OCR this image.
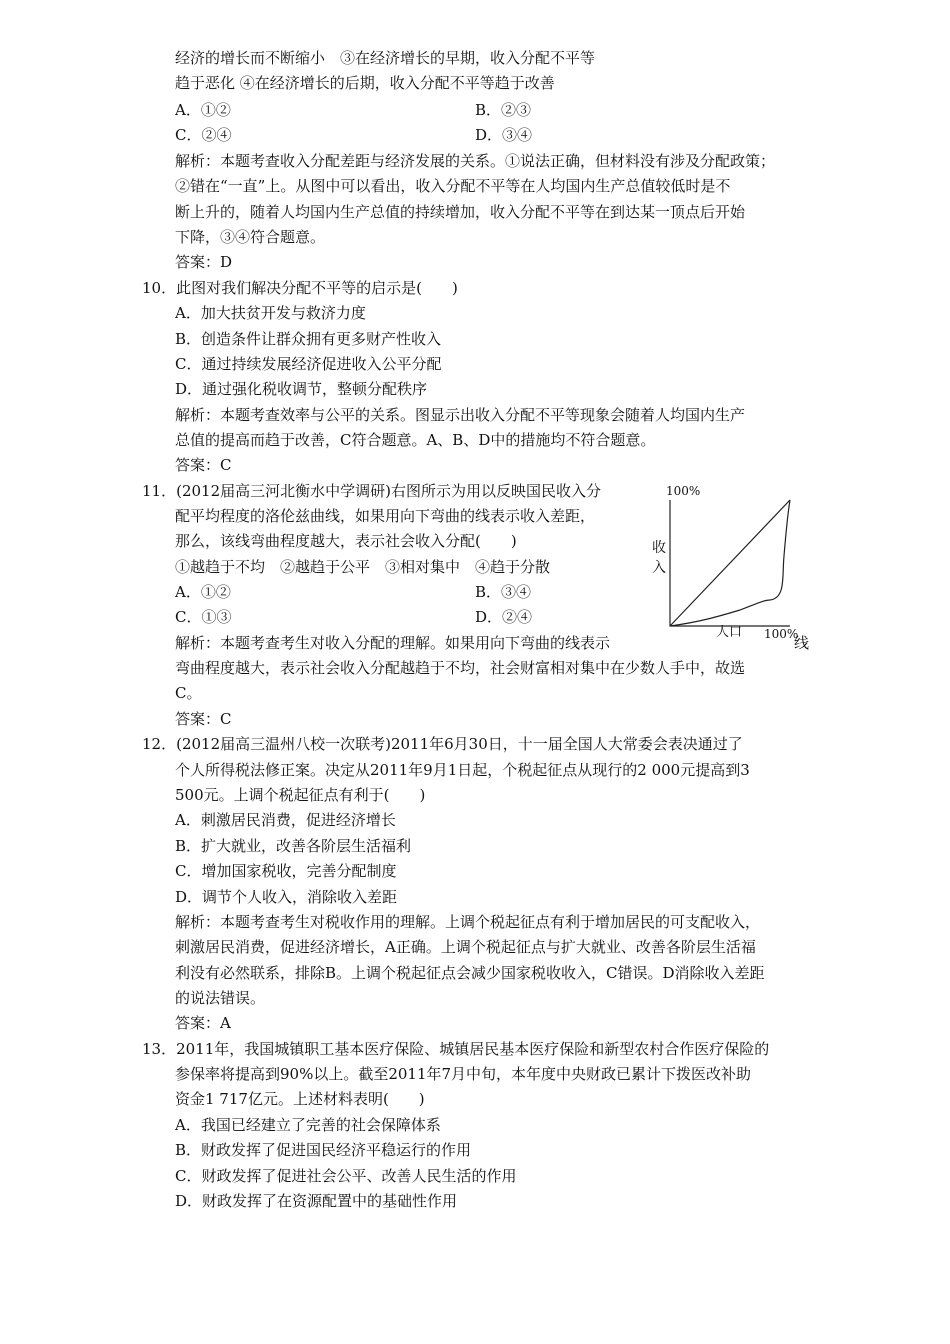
经济的增长而不断缩小　③在经济增长的早期，收入分配不平等
趋于恶化 ④在经济增长的后期，收入分配不平等趋于改善
A．①②	B．②③
C．②④	D．③④
解析：本题考查收入分配差距与经济发展的关系。①说法正确，但材料没有涉及分配政策；
②错在“一直”上。从图中可以看出，收入分配不平等在人均国内生产总值较低时是不
断上升的，随着人均国内生产总值的持续增加，收入分配不平等在到达某一顶点后开始
下降，③④符合题意。
答案：D
10．此图对我们解决分配不平等的启示是(　　)
A．加大扶贫开发与救济力度
B．创造条件让群众拥有更多财产性收入
C．通过持续发展经济促进收入公平分配
D．通过强化税收调节，整顿分配秩序
解析：本题考查效率与公平的关系。图显示出收入分配不平等现象会随着人均国内生产
总值的提高而趋于改善，C符合题意。A、B、D中的措施均不符合题意。
答案：C
11．(2012届高三河北衡水中学调研)右图所示为用以反映国民收入分
配平均程度的洛伦兹曲线，如果用向下弯曲的线表示收入差距，
那么，该线弯曲程度越大，表示社会收入分配(　　)
①越趋于不均　②越趋于公平　③相对集中　④趋于分散
A．①②	B．③④
C．①③	D．②④
解析：本题考查考生对收入分配的理解。如果用向下弯曲的线表示	线
弯曲程度越大，表示社会收入分配越趋于不均，社会财富相对集中在少数人手中，故选
C。
答案：C
100%
收入
人口 100%
12．(2012届高三温州八校一次联考)2011年6月30日，十一届全国人大常委会表决通过了
个人所得税法修正案。决定从2011年9月1日起，个税起征点从现行的2 000元提高到3
500元。上调个税起征点有利于(　　)
A．刺激居民消费，促进经济增长
B．扩大就业，改善各阶层生活福利
C．增加国家税收，完善分配制度
D．调节个人收入，消除收入差距
解析：本题考查考生对税收作用的理解。上调个税起征点有利于增加居民的可支配收入，
刺激居民消费，促进经济增长，A正确。上调个税起征点与扩大就业、改善各阶层生活福
利没有必然联系，排除B。上调个税起征点会减少国家税收收入，C错误。D消除收入差距
的说法错误。
答案：A
13．2011年，我国城镇职工基本医疗保险、城镇居民基本医疗保险和新型农村合作医疗保险的
参保率将提高到90%以上。截至2011年7月中旬，本年度中央财政已累计下拨医改补助
资金1 717亿元。上述材料表明(　　)
A．我国已经建立了完善的社会保障体系
B．财政发挥了促进国民经济平稳运行的作用
C．财政发挥了促进社会公平、改善人民生活的作用
D．财政发挥了在资源配置中的基础性作用
